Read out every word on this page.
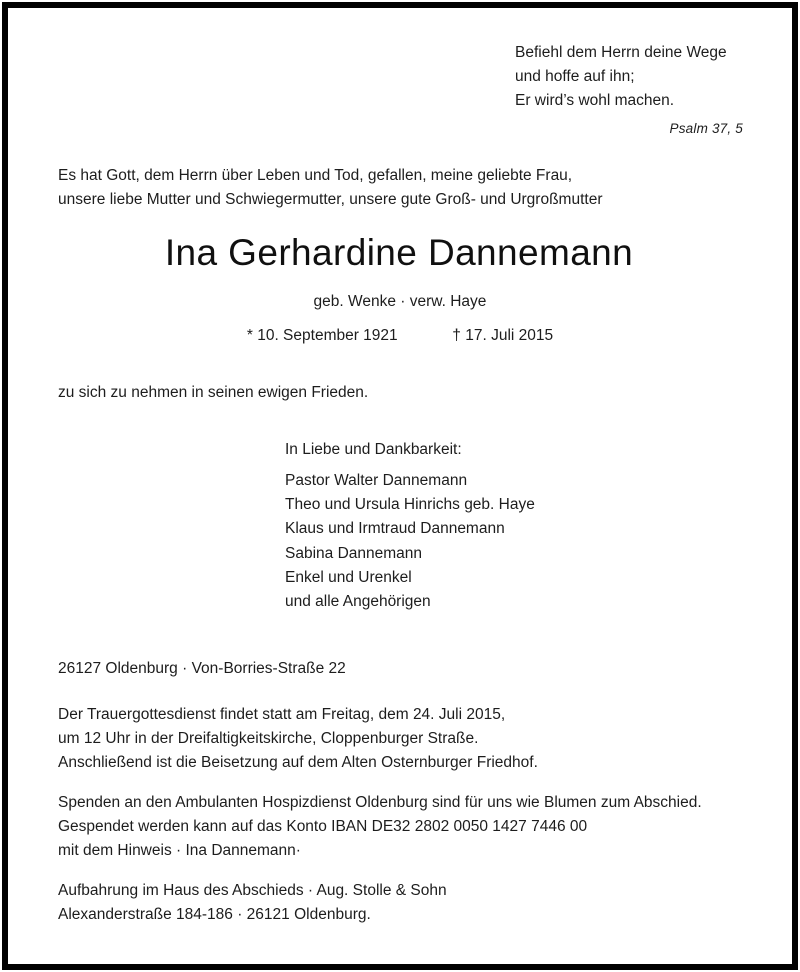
Befiehl dem Herrn deine Wege
und hoffe auf ihn;
Er wird’s wohl machen.
Psalm 37, 5
Es hat Gott, dem Herrn über Leben und Tod, gefallen, meine geliebte Frau,
unsere liebe Mutter und Schwiegermutter, unsere gute Groß- und Urgroßmutter
Ina Gerhardine Dannemann
geb. Wenke · verw. Haye
* 10. September 1921	† 17. Juli 2015
zu sich zu nehmen in seinen ewigen Frieden.
In Liebe und Dankbarkeit:
Pastor Walter Dannemann
Theo und Ursula Hinrichs geb. Haye
Klaus und Irmtraud Dannemann
Sabina Dannemann
Enkel und Urenkel
und alle Angehörigen
26127 Oldenburg · Von-Borries-Straße 22
Der Trauergottesdienst findet statt am Freitag, dem 24. Juli 2015,
um 12 Uhr in der Dreifaltigkeitskirche, Cloppenburger Straße.
Anschließend ist die Beisetzung auf dem Alten Osternburger Friedhof.
Spenden an den Ambulanten Hospizdienst Oldenburg sind für uns wie Blumen zum Abschied.
Gespendet werden kann auf das Konto IBAN DE32 2802 0050 1427 7446 00
mit dem Hinweis · Ina Dannemann·
Aufbahrung im Haus des Abschieds · Aug. Stolle & Sohn
Alexanderstraße 184-186 · 26121 Oldenburg.
